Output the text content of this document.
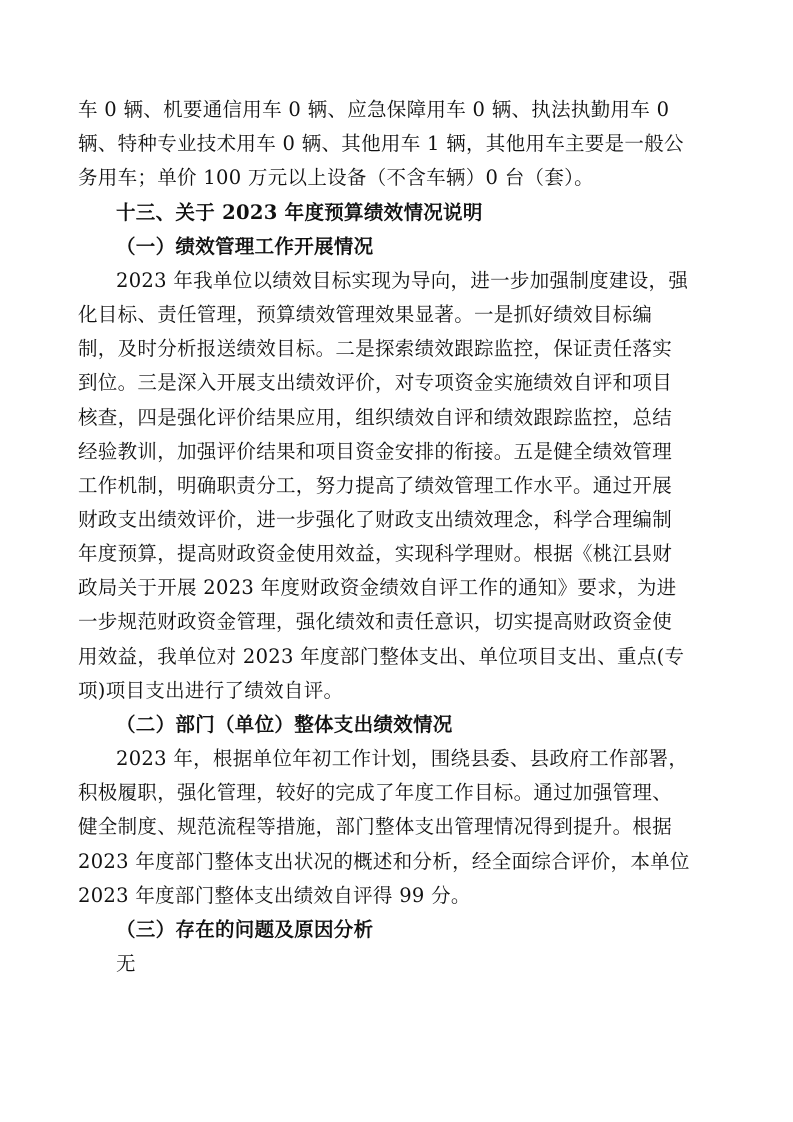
车 0 辆、机要通信用车 0 辆、应急保障用车 0 辆、执法执勤用车 0
辆、特种专业技术用车 0 辆、其他用车 1 辆，其他用车主要是一般公
务用车；单价 100 万元以上设备（不含车辆）0 台（套）。
十三、关于 2023 年度预算绩效情况说明
（一）绩效管理工作开展情况
2023 年我单位以绩效目标实现为导向，进一步加强制度建设，强
化目标、责任管理，预算绩效管理效果显著。一是抓好绩效目标编
制，及时分析报送绩效目标。二是探索绩效跟踪监控，保证责任落实
到位。三是深入开展支出绩效评价，对专项资金实施绩效自评和项目
核查，四是强化评价结果应用，组织绩效自评和绩效跟踪监控，总结
经验教训，加强评价结果和项目资金安排的衔接。五是健全绩效管理
工作机制，明确职责分工，努力提高了绩效管理工作水平。通过开展
财政支出绩效评价，进一步强化了财政支出绩效理念，科学合理编制
年度预算，提高财政资金使用效益，实现科学理财。根据《桃江县财
政局关于开展 2023 年度财政资金绩效自评工作的通知》要求，为进
一步规范财政资金管理，强化绩效和责任意识，切实提高财政资金使
用效益，我单位对 2023 年度部门整体支出、单位项目支出、重点(专
项)项目支出进行了绩效自评。
（二）部门（单位）整体支出绩效情况
2023 年，根据单位年初工作计划，围绕县委、县政府工作部署，
积极履职，强化管理，较好的完成了年度工作目标。通过加强管理、
健全制度、规范流程等措施，部门整体支出管理情况得到提升。根据
2023 年度部门整体支出状况的概述和分析，经全面综合评价，本单位
2023 年度部门整体支出绩效自评得 99 分。
（三）存在的问题及原因分析
无
